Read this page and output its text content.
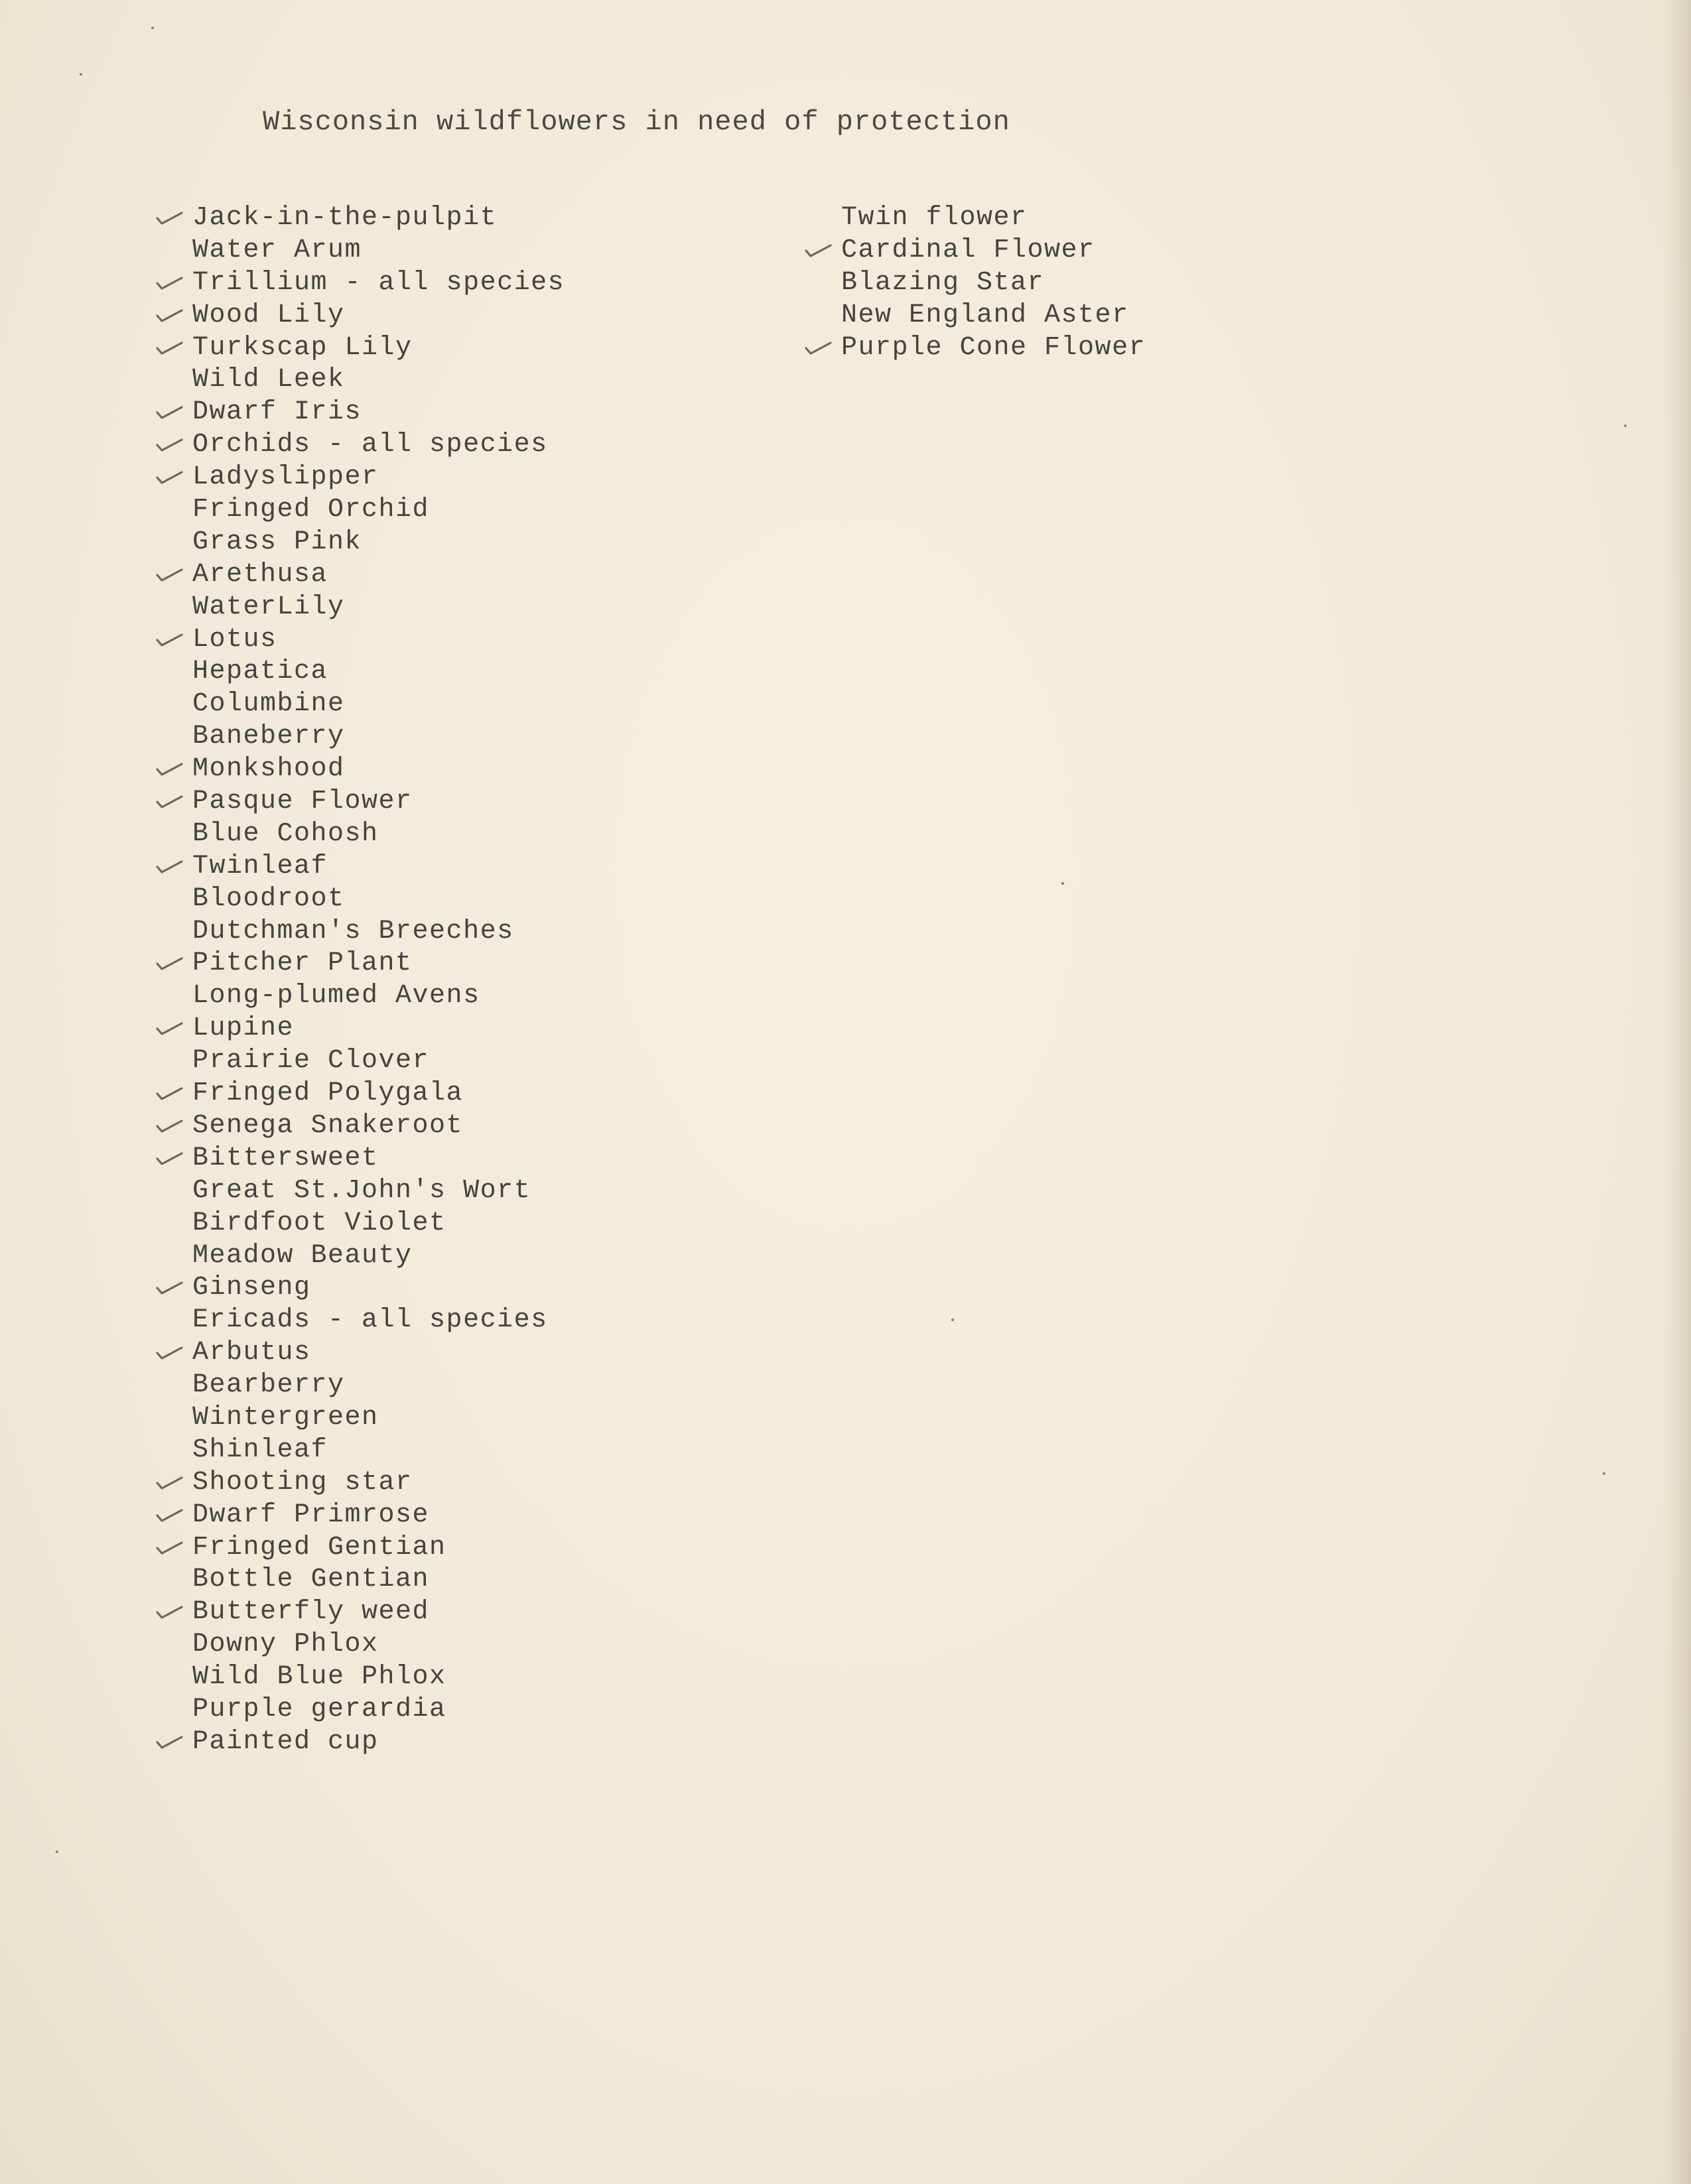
Wisconsin wildflowers in need of protection
Jack-in-the-pulpit
Water Arum
Trillium - all species
Wood Lily
Turkscap Lily
Wild Leek
Dwarf Iris
Orchids - all species
Ladyslipper
Fringed Orchid
Grass Pink
Arethusa
WaterLily
Lotus
Hepatica
Columbine
Baneberry
Monkshood
Pasque Flower
Blue Cohosh
Twinleaf
Bloodroot
Dutchman's Breeches
Pitcher Plant
Long-plumed Avens
Lupine
Prairie Clover
Fringed Polygala
Senega Snakeroot
Bittersweet
Great St.John's Wort
Birdfoot Violet
Meadow Beauty
Ginseng
Ericads - all species
Arbutus
Bearberry
Wintergreen
Shinleaf
Shooting star
Dwarf Primrose
Fringed Gentian
Bottle Gentian
Butterfly weed
Downy Phlox
Wild Blue Phlox
Purple gerardia
Painted cup
Twin flower
Cardinal Flower
Blazing Star
New England Aster
Purple Cone Flower
